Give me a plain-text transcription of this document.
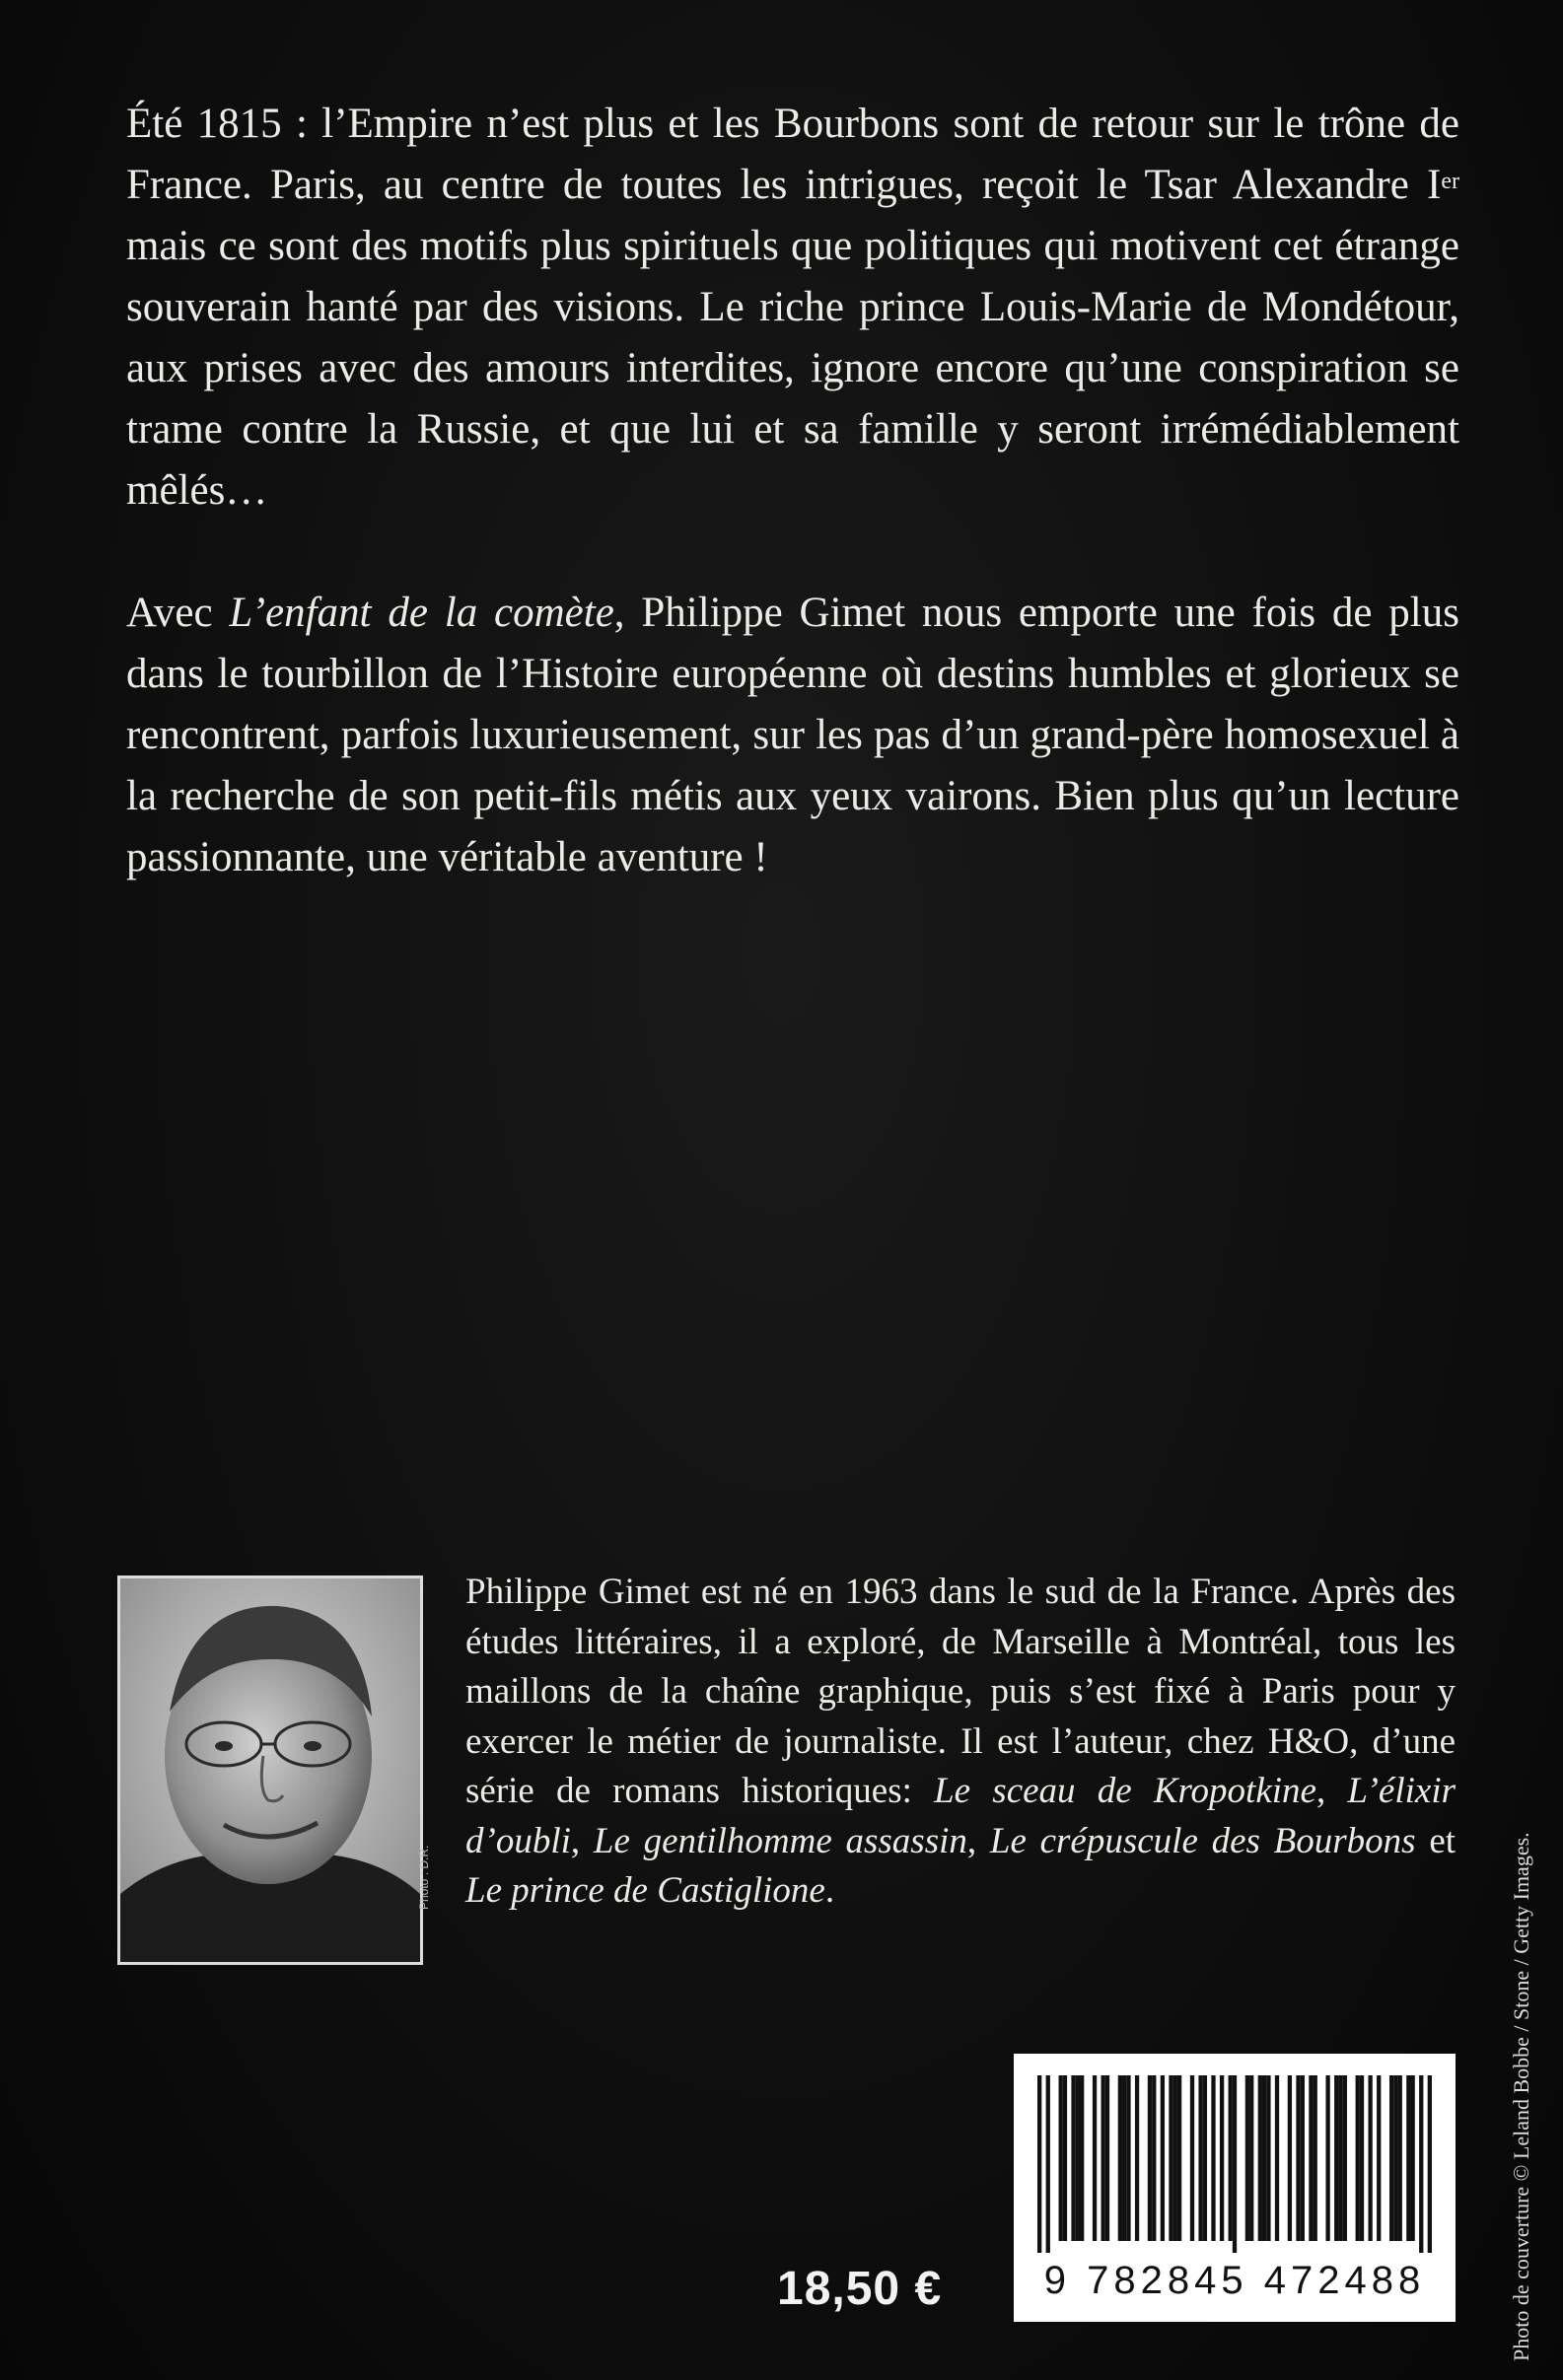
Été 1815 : l’Empire n’est plus et les Bourbons sont de retour sur le trône de France. Paris, au centre de toutes les intrigues, reçoit le Tsar Alexandre Ier mais ce sont des motifs plus spirituels que politiques qui motivent cet étrange souverain hanté par des visions. Le riche prince Louis-Marie de Mondétour, aux prises avec des amours interdites, ignore encore qu’une conspiration se trame contre la Russie, et que lui et sa famille y seront irrémédiablement mêlés…

Avec L’enfant de la comète, Philippe Gimet nous emporte une fois de plus dans le tourbillon de l’Histoire européenne où destins humbles et glorieux se rencontrent, parfois luxurieusement, sur les pas d’un grand-père homosexuel à la recherche de son petit-fils métis aux yeux vairons. Bien plus qu’un lecture passionnante, une véritable aventure !

Photo : D.R.

Philippe Gimet est né en 1963 dans le sud de la France. Après des études littéraires, il a exploré, de Marseille à Montréal, tous les maillons de la chaîne graphique, puis s’est fixé à Paris pour y exercer le métier de journaliste. Il est l’auteur, chez H&O, d’une série de romans historiques: Le sceau de Kropotkine, L’élixir d’oubli, Le gentilhomme assassin, Le crépuscule des Bourbons et Le prince de Castiglione.	Photo de couverture © Leland Bobbe / Stone / Getty Images.
18,50 €	9 782845 472488
